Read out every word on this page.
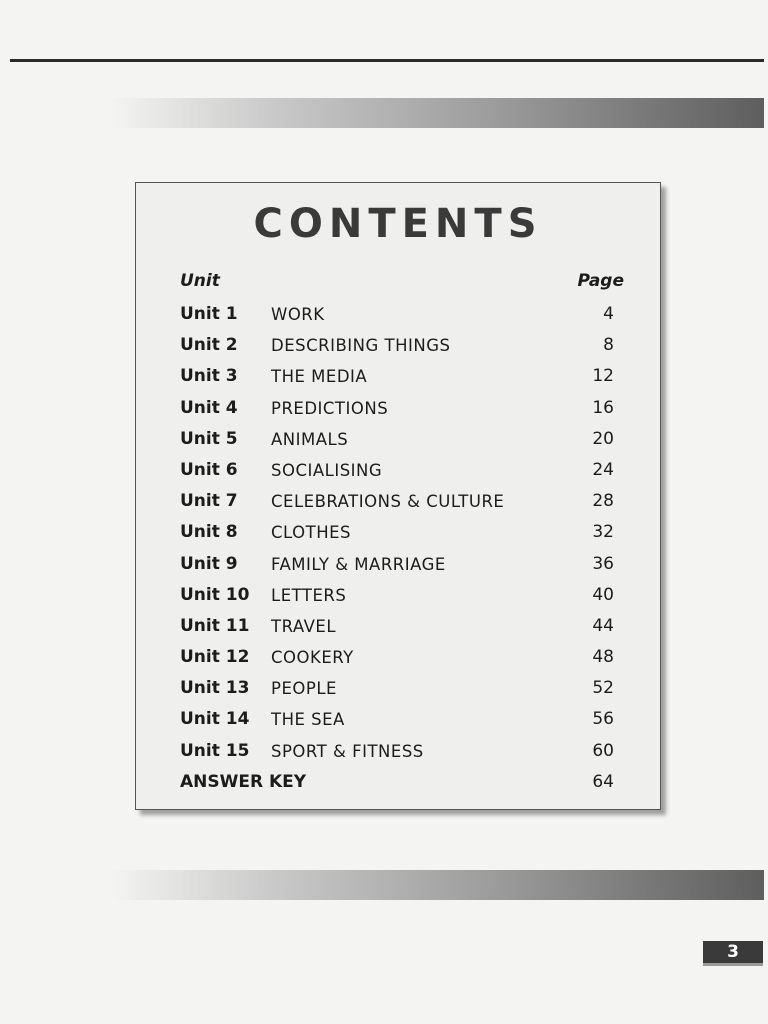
CONTENTS
Unit	Page
Unit 1 WORK	4
Unit 2 DESCRIBING THINGS	8
Unit 3 THE MEDIA	12
Unit 4 PREDICTIONS	16
Unit 5 ANIMALS	20
Unit 6 SOCIALISING	24
Unit 7 CELEBRATIONS & CULTURE	28
Unit 8 CLOTHES	32
Unit 9 FAMILY & MARRIAGE	36
Unit 10 LETTERS	40
Unit 11 TRAVEL	44
Unit 12 COOKERY	48
Unit 13 PEOPLE	52
Unit 14 THE SEA	56
Unit 15 SPORT & FITNESS	60
ANSWER KEY	64
3
